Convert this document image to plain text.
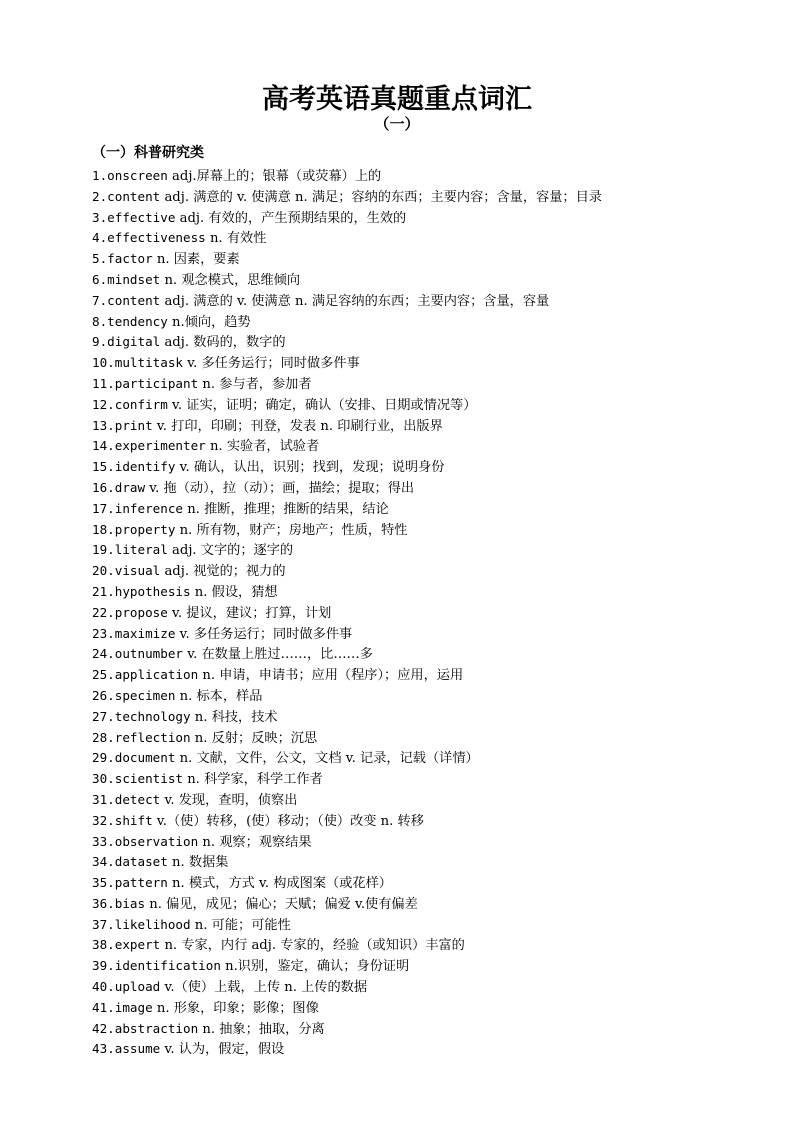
高考英语真题重点词汇
（一）
（一）科普研究类
1.onscreen adj.屏幕上的；银幕（或荧幕）上的
2.content adj. 满意的 v. 使满意 n. 满足；容纳的东西；主要内容；含量，容量；目录
3.effective adj. 有效的，产生预期结果的，生效的
4.effectiveness n. 有效性
5.factor n. 因素，要素
6.mindset n. 观念模式，思维倾向
7.content adj. 满意的 v. 使满意 n. 满足容纳的东西；主要内容；含量，容量
8.tendency n.倾向，趋势
9.digital adj. 数码的，数字的
10.multitask v. 多任务运行；同时做多件事
11.participant n. 参与者，参加者
12.confirm v. 证实，证明；确定，确认（安排、日期或情况等）
13.print v. 打印，印刷；刊登，发表 n. 印刷行业，出版界
14.experimenter n. 实验者，试验者
15.identify v. 确认，认出，识别；找到，发现；说明身份
16.draw v. 拖（动），拉（动）；画，描绘；提取；得出
17.inference n. 推断，推理；推断的结果，结论
18.property n. 所有物，财产；房地产；性质，特性
19.literal adj. 文字的；逐字的
20.visual adj. 视觉的；视力的
21.hypothesis n. 假设，猜想
22.propose v. 提议，建议；打算，计划
23.maximize v. 多任务运行；同时做多件事
24.outnumber v. 在数量上胜过……，比……多
25.application n. 申请，申请书；应用（程序）；应用，运用
26.specimen n. 标本，样品
27.technology n. 科技，技术
28.reflection n. 反射；反映；沉思
29.document n. 文献，文件，公文，文档 v. 记录，记载（详情）
30.scientist n. 科学家，科学工作者
31.detect v. 发现，查明，侦察出
32.shift v.（使）转移，(使）移动；（使）改变 n. 转移
33.observation n. 观察；观察结果
34.dataset n. 数据集
35.pattern n. 模式，方式 v. 构成图案（或花样）
36.bias n. 偏见，成见；偏心；天赋；偏爱 v.使有偏差
37.likelihood n. 可能；可能性
38.expert n. 专家，内行 adj. 专家的，经验（或知识）丰富的
39.identification n.识别，鉴定，确认；身份证明
40.upload v.（使）上载，上传 n. 上传的数据
41.image n. 形象，印象；影像；图像
42.abstraction n. 抽象；抽取，分离
43.assume v. 认为，假定，假设
